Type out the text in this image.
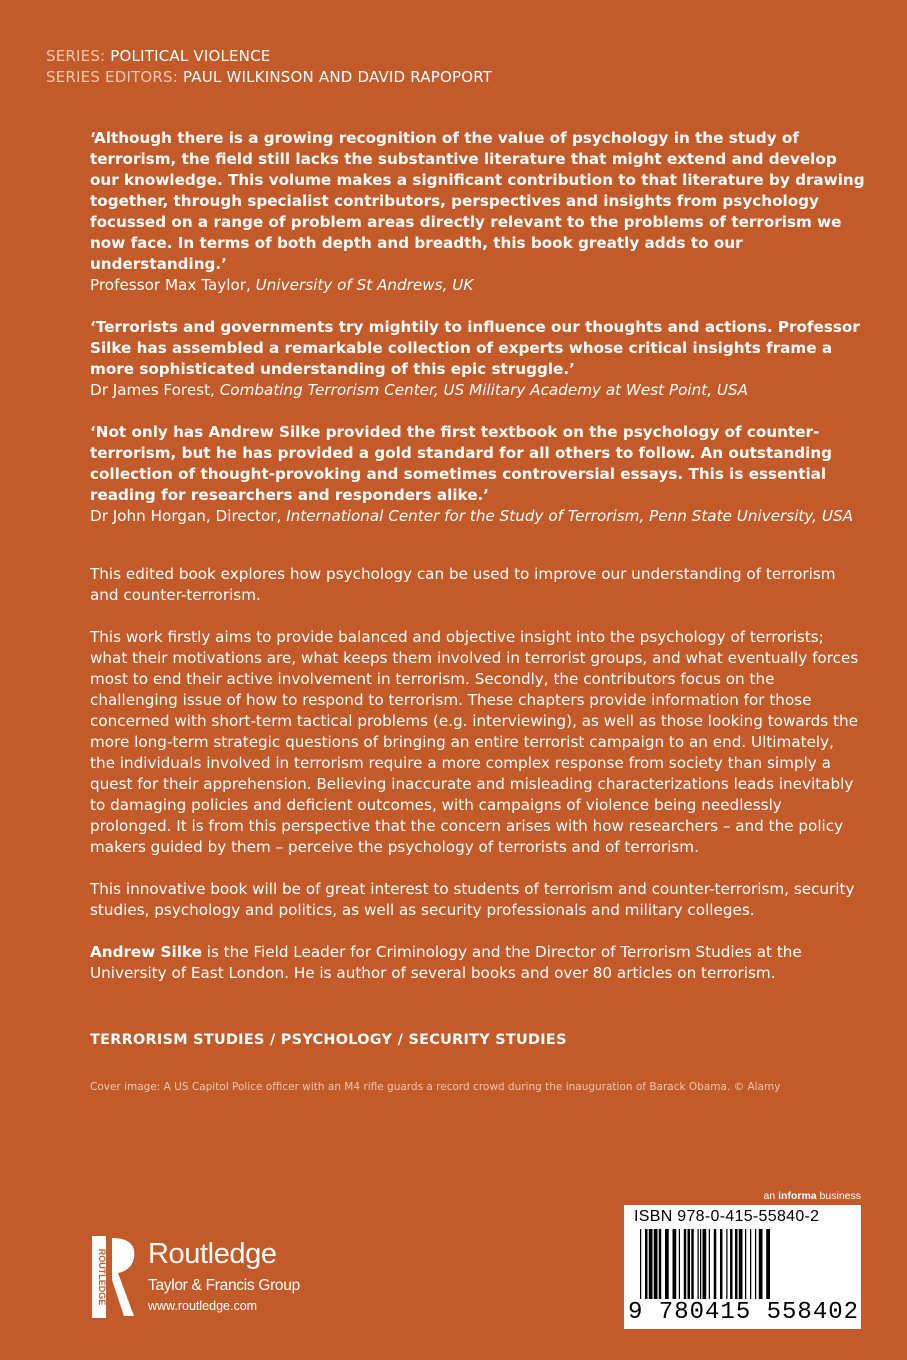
SERIES: POLITICAL VIOLENCE
SERIES EDITORS: PAUL WILKINSON AND DAVID RAPOPORT
‘Although there is a growing recognition of the value of psychology in the study of terrorism, the field still lacks the substantive literature that might extend and develop our knowledge. This volume makes a significant contribution to that literature by drawing together, through specialist contributors, perspectives and insights from psychology focussed on a range of problem areas directly relevant to the problems of terrorism we now face. In terms of both depth and breadth, this book greatly adds to our understanding.’
Professor Max Taylor, University of St Andrews, UK
‘Terrorists and governments try mightily to influence our thoughts and actions. Professor Silke has assembled a remarkable collection of experts whose critical insights frame a more sophisticated understanding of this epic struggle.’
Dr James Forest, Combating Terrorism Center, US Military Academy at West Point, USA
‘Not only has Andrew Silke provided the first textbook on the psychology of counter-terrorism, but he has provided a gold standard for all others to follow. An outstanding collection of thought-provoking and sometimes controversial essays. This is essential reading for researchers and responders alike.’
Dr John Horgan, Director, International Center for the Study of Terrorism, Penn State University, USA

This edited book explores how psychology can be used to improve our understanding of terrorism and counter-terrorism.

This work firstly aims to provide balanced and objective insight into the psychology of terrorists; what their motivations are, what keeps them involved in terrorist groups, and what eventually forces most to end their active involvement in terrorism. Secondly, the contributors focus on the challenging issue of how to respond to terrorism. These chapters provide information for those concerned with short-term tactical problems (e.g. interviewing), as well as those looking towards the more long-term strategic questions of bringing an entire terrorist campaign to an end. Ultimately, the individuals involved in terrorism require a more complex response from society than simply a quest for their apprehension. Believing inaccurate and misleading characterizations leads inevitably to damaging policies and deficient outcomes, with campaigns of violence being needlessly prolonged. It is from this perspective that the concern arises with how researchers – and the policy makers guided by them – perceive the psychology of terrorists and of terrorism.

This innovative book will be of great interest to students of terrorism and counter-terrorism, security studies, psychology and politics, as well as security professionals and military colleges.

Andrew Silke is the Field Leader for Criminology and the Director of Terrorism Studies at the University of East London. He is author of several books and over 80 articles on terrorism.

TERRORISM STUDIES / PSYCHOLOGY / SECURITY STUDIES
Cover image: A US Capitol Police officer with an M4 rifle guards a record crowd during the inauguration of Barack Obama. © Alamy
ROUTLEDGE Routledge
Taylor & Francis Group
www.routledge.com
an informa business
ISBN 978-0-415-55840-2
9 780415 558402
